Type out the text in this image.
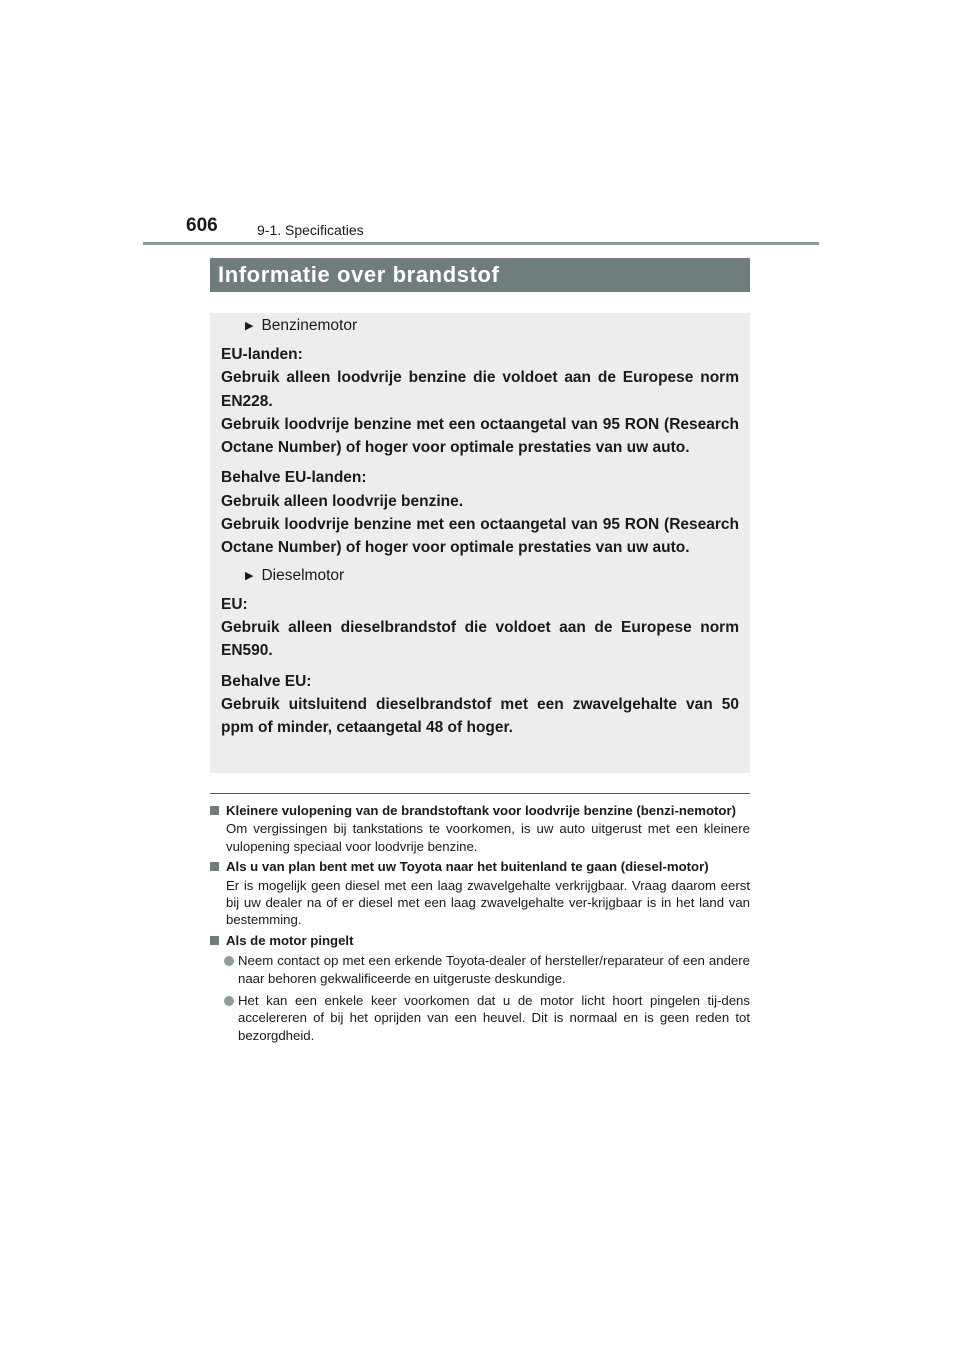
606	9-1. Specificaties
Informatie over brandstof

▶ Benzinemotor

EU-landen:

Gebruik alleen loodvrije benzine die voldoet aan de Europese norm EN228.

Gebruik loodvrije benzine met een octaangetal van 95 RON (Research Octane Number) of hoger voor optimale prestaties van uw auto.

Behalve EU-landen:

Gebruik alleen loodvrije benzine.

Gebruik loodvrije benzine met een octaangetal van 95 RON (Research Octane Number) of hoger voor optimale prestaties van uw auto.

▶ Dieselmotor

EU:

Gebruik alleen dieselbrandstof die voldoet aan de Europese norm EN590.

Behalve EU:

Gebruik uitsluitend dieselbrandstof met een zwavelgehalte van 50 ppm of minder, cetaangetal 48 of hoger.

Kleinere vulopening van de brandstoftank voor loodvrije benzine (benzi-nemotor)

Om vergissingen bij tankstations te voorkomen, is uw auto uitgerust met een kleinere vulopening speciaal voor loodvrije benzine.

Als u van plan bent met uw Toyota naar het buitenland te gaan (diesel-motor)

Er is mogelijk geen diesel met een laag zwavelgehalte verkrijgbaar. Vraag daarom eerst bij uw dealer na of er diesel met een laag zwavelgehalte ver-krijgbaar is in het land van bestemming.

Als de motor pingelt

Neem contact op met een erkende Toyota-dealer of hersteller/reparateur of een andere naar behoren gekwalificeerde en uitgeruste deskundige.

Het kan een enkele keer voorkomen dat u de motor licht hoort pingelen tij-dens accelereren of bij het oprijden van een heuvel. Dit is normaal en is geen reden tot bezorgdheid.
